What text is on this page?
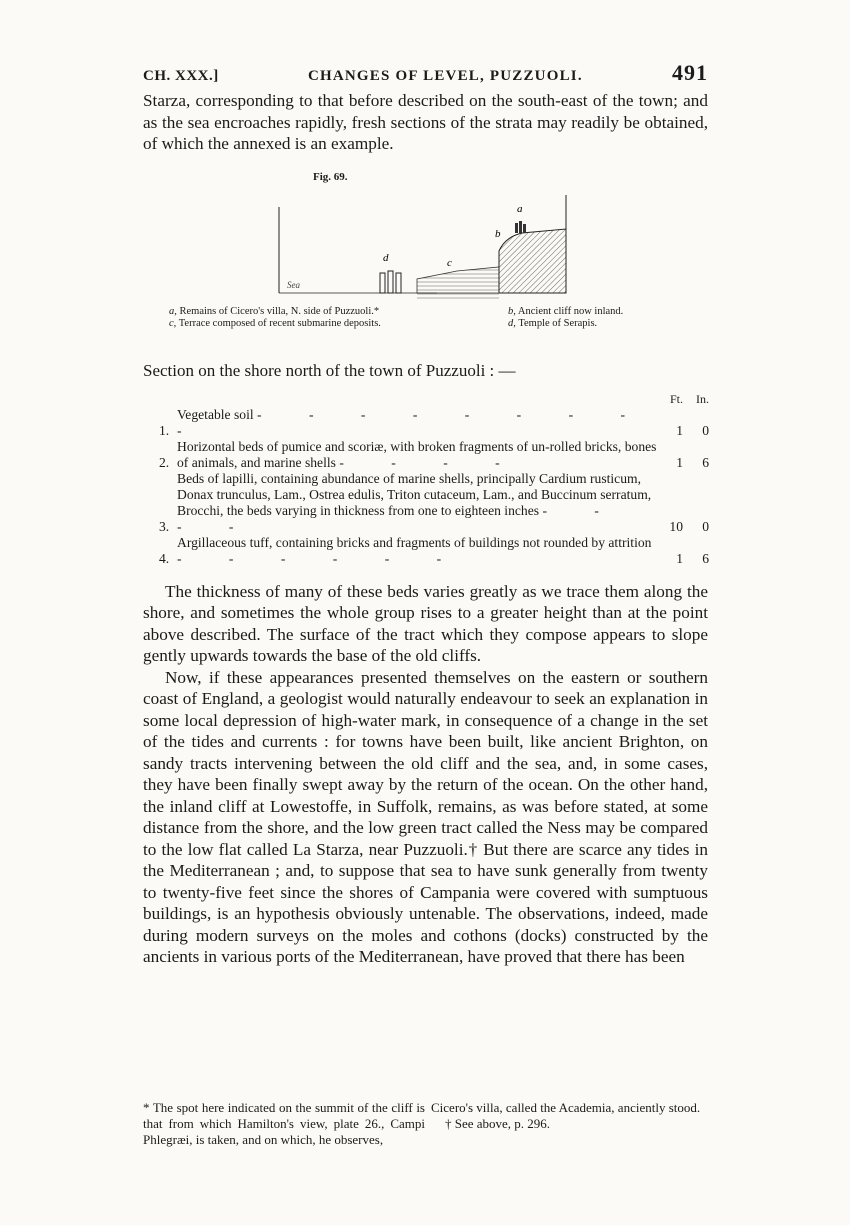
CH. XXX.]	CHANGES OF LEVEL, PUZZUOLI.	491

Starza, corresponding to that before described on the south-east of the town; and as the sea encroaches rapidly, fresh sections of the strata may readily be obtained, of which the annexed is an example.

Fig. 69.
Sea
a
b
c
d
a, Remains of Cicero's villa, N. side of Puzzuoli.*
c, Terrace composed of recent submarine deposits.
b, Ancient cliff now inland.
d, Temple of Serapis.

Section on the shore north of the town of Puzzuoli : —

		Ft.	In.
1.	Vegetable soil - - - - - - - - -	1	0
2.	Horizontal beds of pumice and scoriæ, with broken fragments of un-rolled bricks, bones of animals, and marine shells - - - -	1	6
3.	Beds of lapilli, containing abundance of marine shells, principally Cardium rusticum, Donax trunculus, Lam., Ostrea edulis, Triton cutaceum, Lam., and Buccinum serratum, Brocchi, the beds varying in thickness from one to eighteen inches - - - -	10	0
4.	Argillaceous tuff, containing bricks and fragments of buildings not rounded by attrition - - - - - -	1	6

The thickness of many of these beds varies greatly as we trace them along the shore, and sometimes the whole group rises to a greater height than at the point above described. The surface of the tract which they compose appears to slope gently upwards towards the base of the old cliffs.

Now, if these appearances presented themselves on the eastern or southern coast of England, a geologist would naturally endeavour to seek an explanation in some local depression of high-water mark, in consequence of a change in the set of the tides and currents : for towns have been built, like ancient Brighton, on sandy tracts intervening between the old cliff and the sea, and, in some cases, they have been finally swept away by the return of the ocean. On the other hand, the inland cliff at Lowestoffe, in Suffolk, remains, as was before stated, at some distance from the shore, and the low green tract called the Ness may be compared to the low flat called La Starza, near Puzzuoli.† But there are scarce any tides in the Mediterranean ; and, to suppose that sea to have sunk generally from twenty to twenty-five feet since the shores of Campania were covered with sumptuous buildings, is an hypothesis obviously untenable. The observations, indeed, made during modern surveys on the moles and cothons (docks) constructed by the ancients in various ports of the Mediterranean, have proved that there has been

* The spot here indicated on the summit of the cliff is that from which Hamilton's view, plate 26., Campi Phlegræi, is taken, and on which, he observes,

Cicero's villa, called the Academia, anciently stood.

† See above, p. 296.
